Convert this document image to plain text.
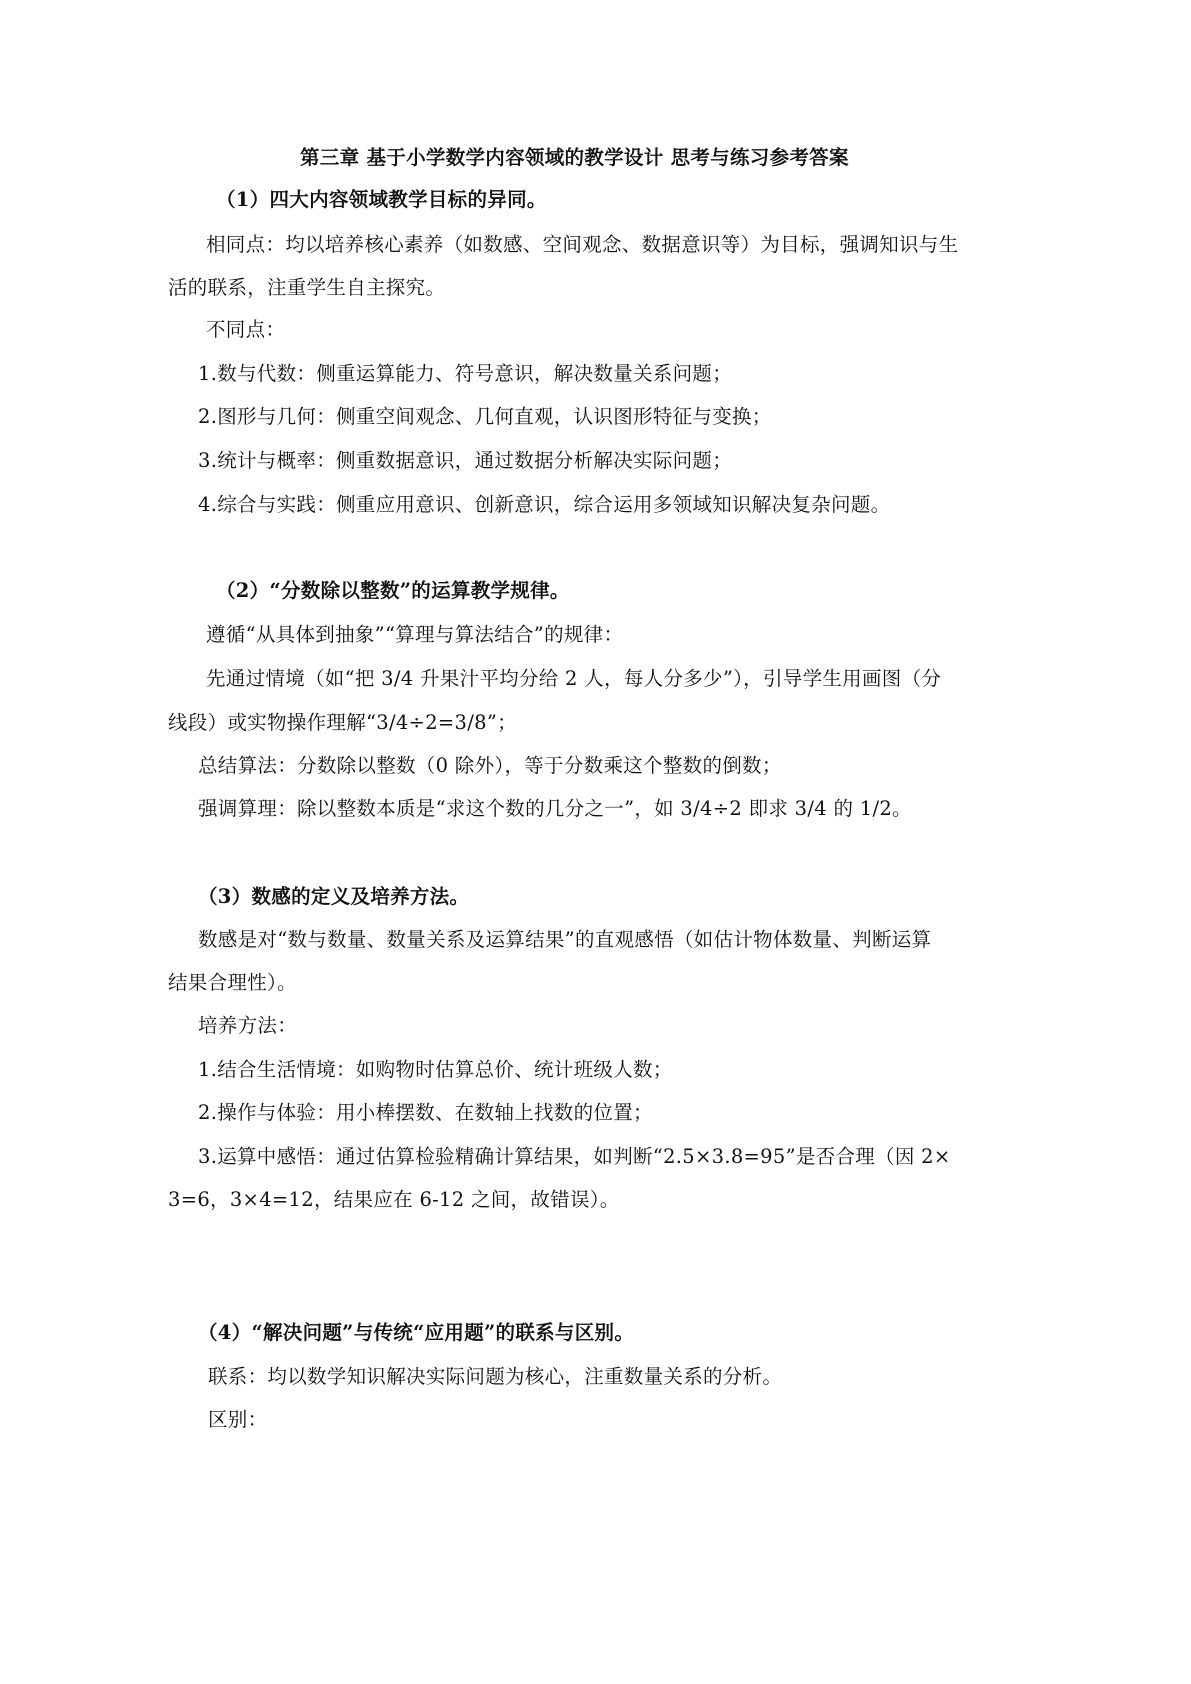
第三章 基于小学数学内容领域的教学设计 思考与练习参考答案
（1）四大内容领域教学目标的异同。
相同点：均以培养核心素养（如数感、空间观念、数据意识等）为目标，强调知识与生
活的联系，注重学生自主探究。
不同点：
1.数与代数：侧重运算能力、符号意识，解决数量关系问题；
2.图形与几何：侧重空间观念、几何直观，认识图形特征与变换；
3.统计与概率：侧重数据意识，通过数据分析解决实际问题；
4.综合与实践：侧重应用意识、创新意识，综合运用多领域知识解决复杂问题。
（2）“分数除以整数”的运算教学规律。
遵循“从具体到抽象”“算理与算法结合”的规律：
先通过情境（如“把 3/4 升果汁平均分给 2 人，每人分多少”），引导学生用画图（分
线段）或实物操作理解“3/4÷2=3/8”；
总结算法：分数除以整数（0 除外），等于分数乘这个整数的倒数；
强调算理：除以整数本质是“求这个数的几分之一”，如 3/4÷2 即求 3/4 的 1/2。
（3）数感的定义及培养方法。
数感是对“数与数量、数量关系及运算结果”的直观感悟（如估计物体数量、判断运算
结果合理性）。
培养方法：
1.结合生活情境：如购物时估算总价、统计班级人数；
2.操作与体验：用小棒摆数、在数轴上找数的位置；
3.运算中感悟：通过估算检验精确计算结果，如判断“2.5×3.8=95”是否合理（因 2×
3=6，3×4=12，结果应在 6-12 之间，故错误）。
（4）“解决问题”与传统“应用题”的联系与区别。
联系：均以数学知识解决实际问题为核心，注重数量关系的分析。
区别：
